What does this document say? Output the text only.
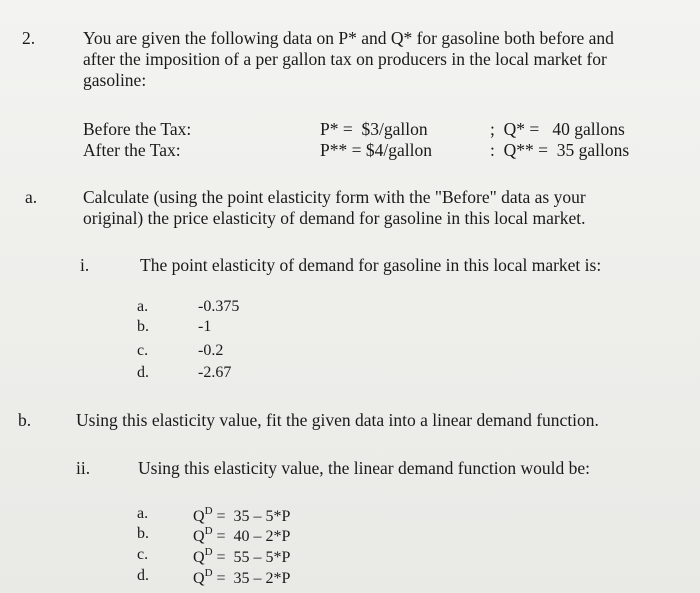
2.	You are given the following data on P* and Q* for gasoline both before and
after the imposition of a per gallon tax on producers in the local market for
gasoline:
Before the Tax:	P* =  $3/gallon	;  Q* =   40 gallons
After the Tax:	P** = $4/gallon	:  Q** =  35 gallons
a.	Calculate (using the point elasticity form with the "Before" data as your
original) the price elasticity of demand for gasoline in this local market.
i.	The point elasticity of demand for gasoline in this local market is:
a.	-0.375
b.	-1
c.	-0.2
d.	-2.67
b.	Using this elasticity value, fit the given data into a linear demand function.
ii.	Using this elasticity value, the linear demand function would be:
a.	$Q^D = 35 - 5*P$
b.	$Q^D = 40 - 2*P$
c.	$Q^D = 55 - 5*P$
d.	$Q^D = 35 - 2*P$
